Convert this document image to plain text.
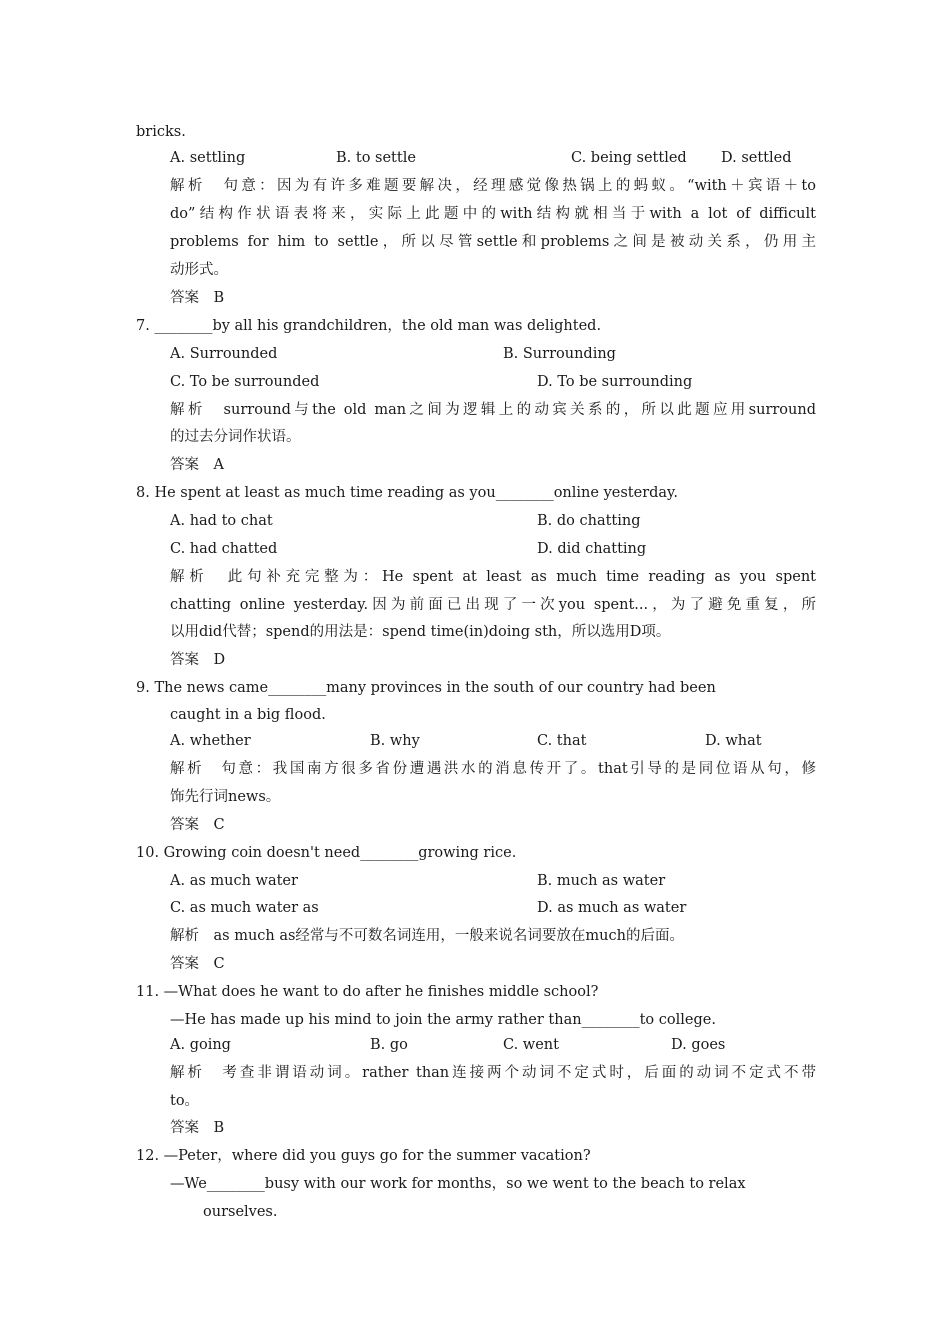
bricks.
A. settling	B. to settle	C. being settled D. settled
解析　句意：因为有许多难题要解决，经理感觉像热锅上的蚂蚁。“with＋宾语＋to
do”结构作状语表将来，实际上此题中的with结构就相当于with a lot of difficult
problems for him to settle，所以尽管settle和problems之间是被动关系，仍用主
动形式。
答案　B
7. ________by all his grandchildren，the old man was delighted.
A. Surrounded	B. Surrounding
C. To be surrounded	D. To be surrounding
解析　surround与the old man之间为逻辑上的动宾关系的，所以此题应用surround
的过去分词作状语。
答案　A
8. He spent at least as much time reading as you________online yesterday.
A. had to chat	B. do chatting
C. had chatted	D. did chatting
解析　此句补充完整为：He spent at least as much time reading as you spent
chatting online yesterday.因为前面已出现了一次you spent...，为了避免重复，所
以用did代替；spend的用法是：spend time(in)doing sth，所以选用D项。
答案　D
9. The news came________many provinces in the south of our country had been
caught in a big flood.
A. whether	B. why	C. that	D. what
解析　句意：我国南方很多省份遭遇洪水的消息传开了。that引导的是同位语从句，修
饰先行词news。
答案　C
10. Growing coin doesn't need________growing rice.
A. as much water	B. much as water
C. as much water as	D. as much as water
解析　as much as经常与不可数名词连用，一般来说名词要放在much的后面。
答案　C
11. —What does he want to do after he finishes middle school?
—He has made up his mind to join the army rather than________to college.
A. going	B. go	C. went	D. goes
解析　考查非谓语动词。rather than连接两个动词不定式时，后面的动词不定式不带
to。
答案　B
12. —Peter，where did you guys go for the summer vacation?
—We________busy with our work for months，so we went to the beach to relax
ourselves.
